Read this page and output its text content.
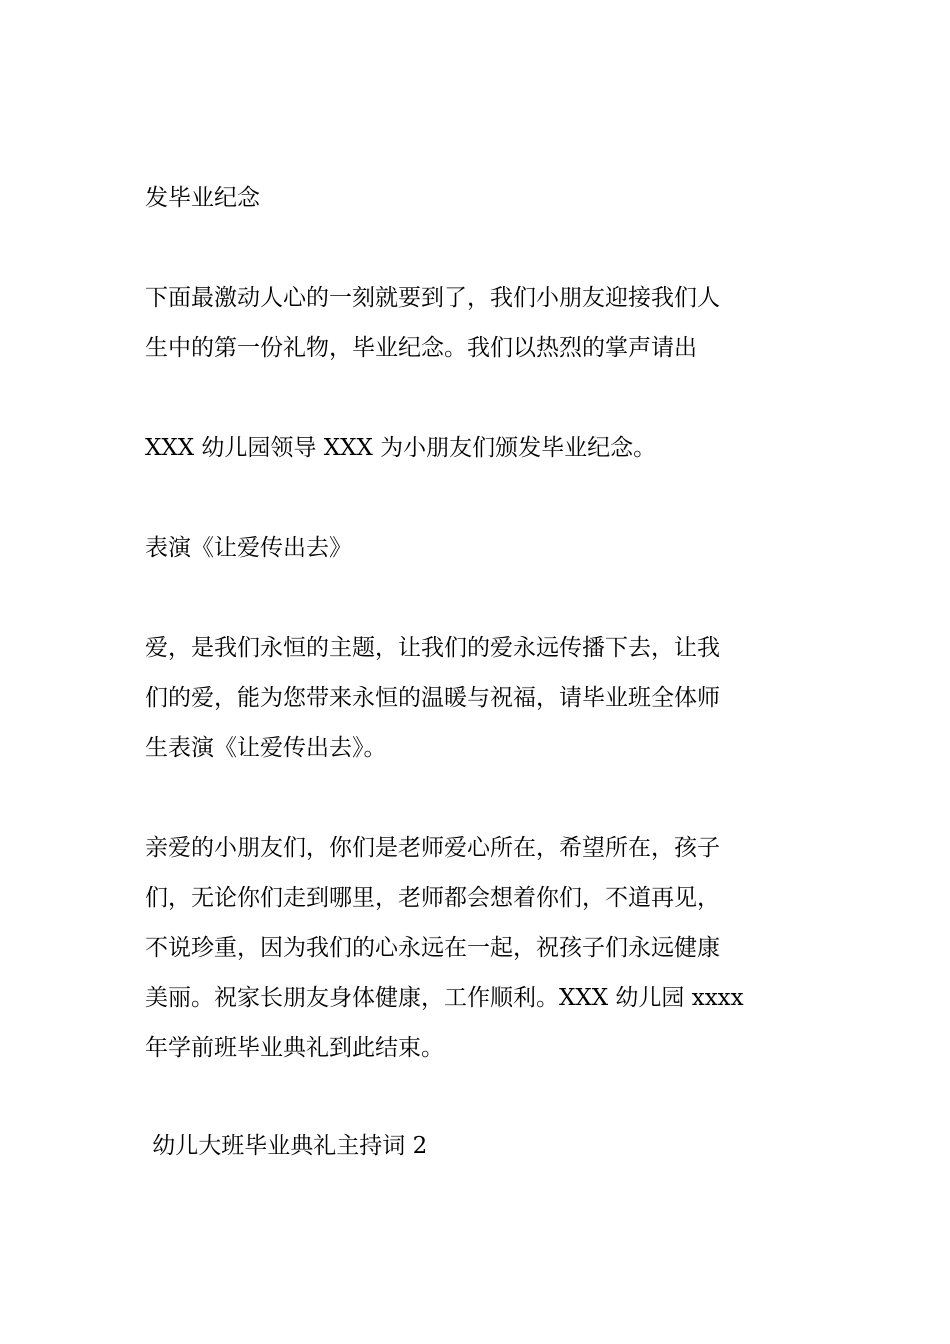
发毕业纪念

下面最激动人心的一刻就要到了，我们小朋友迎接我们人
生中的第一份礼物，毕业纪念。我们以热烈的掌声请出

XXX 幼儿园领导 XXX 为小朋友们颁发毕业纪念。

表演《让爱传出去》

爱，是我们永恒的主题，让我们的爱永远传播下去，让我
们的爱，能为您带来永恒的温暖与祝福，请毕业班全体师
生表演《让爱传出去》。

亲爱的小朋友们，你们是老师爱心所在，希望所在，孩子
们，无论你们走到哪里，老师都会想着你们，不道再见，
不说珍重，因为我们的心永远在一起，祝孩子们永远健康
美丽。祝家长朋友身体健康，工作顺利。XXX 幼儿园 xxxx
年学前班毕业典礼到此结束。

幼儿大班毕业典礼主持词 2
